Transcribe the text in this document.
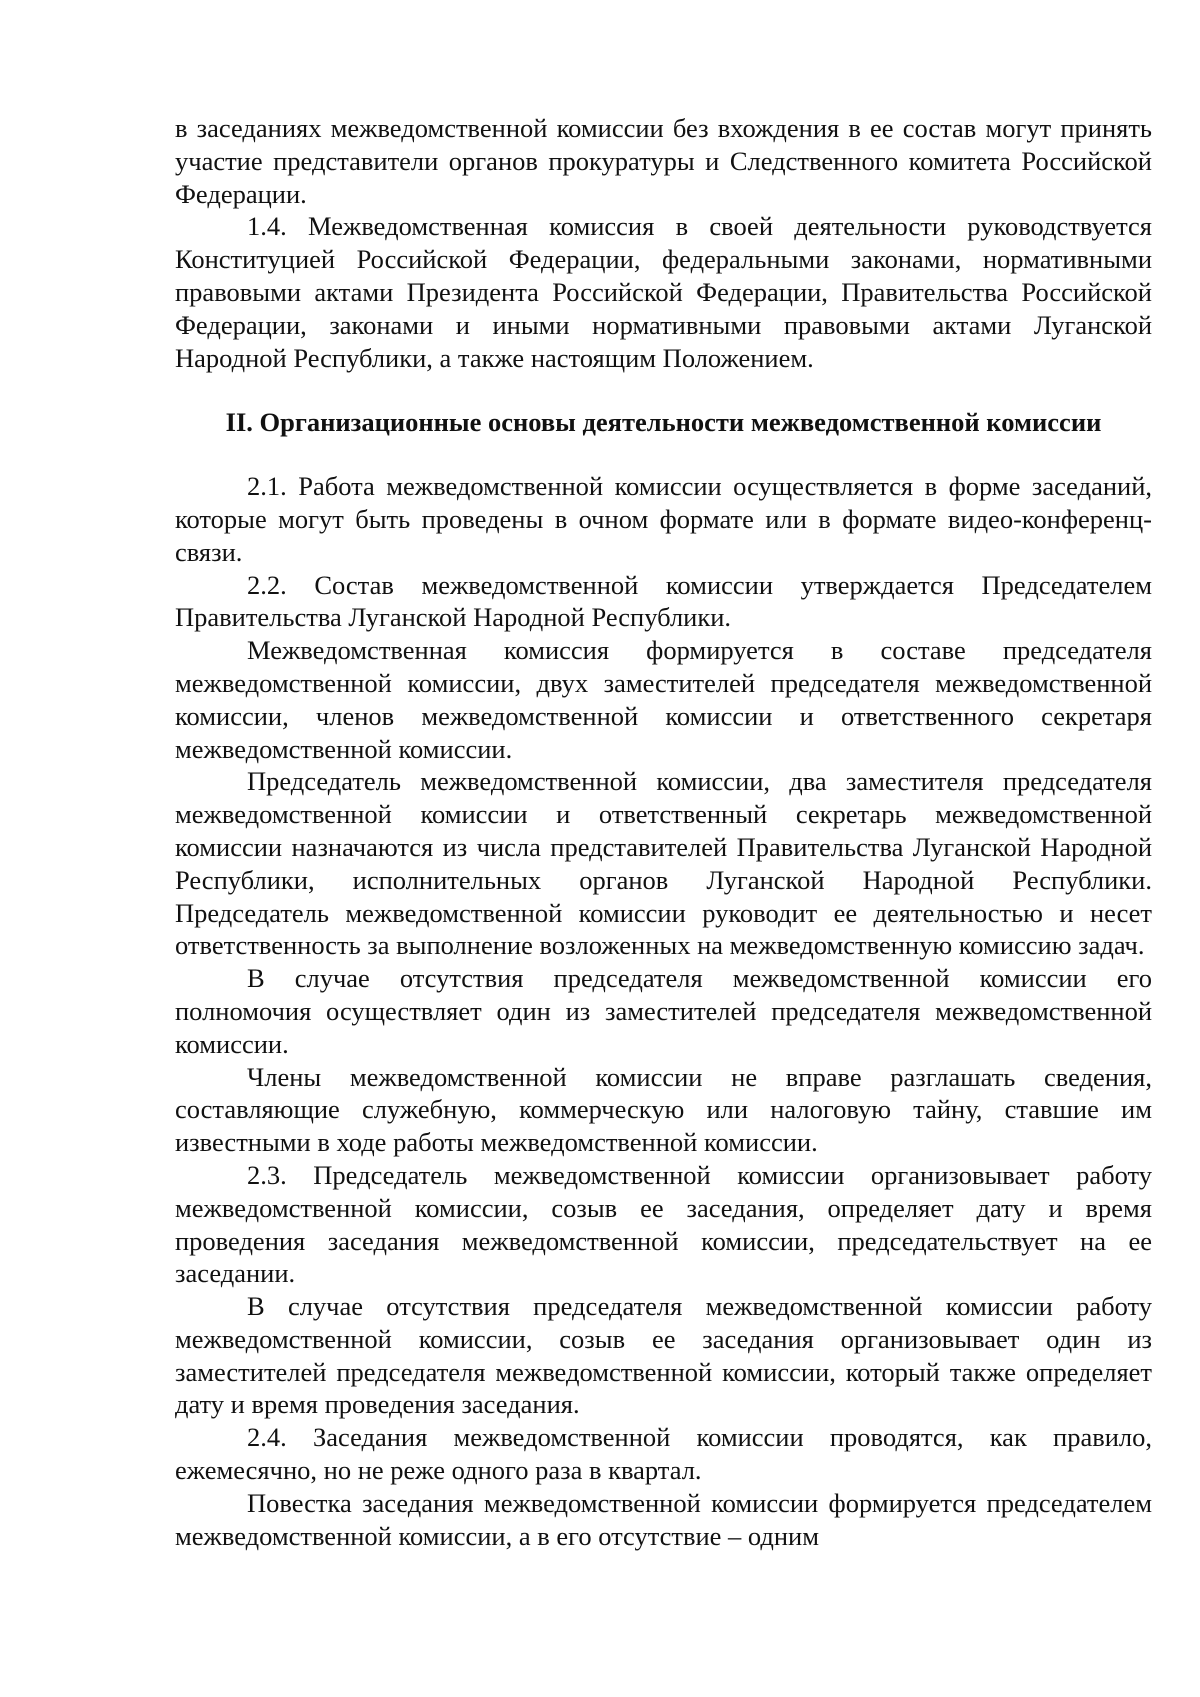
в заседаниях межведомственной комиссии без вхождения в ее состав могут принять участие представители органов прокуратуры и Следственного комитета Российской Федерации.

1.4. Межведомственная комиссия в своей деятельности руководствуется Конституцией Российской Федерации, федеральными законами, нормативными правовыми актами Президента Российской Федерации, Правительства Российской Федерации, законами и иными нормативными правовыми актами Луганской Народной Республики, а также настоящим Положением.

II. Организационные основы деятельности межведомственной комиссии

2.1. Работа межведомственной комиссии осуществляется в форме заседаний, которые могут быть проведены в очном формате или в формате видео-конференц-связи.

2.2. Состав межведомственной комиссии утверждается Председателем Правительства Луганской Народной Республики.

Межведомственная комиссия формируется в составе председателя межведомственной комиссии, двух заместителей председателя межведомственной комиссии, членов межведомственной комиссии и ответственного секретаря межведомственной комиссии.

Председатель межведомственной комиссии, два заместителя председателя межведомственной комиссии и ответственный секретарь межведомственной комиссии назначаются из числа представителей Правительства Луганской Народной Республики, исполнительных органов Луганской Народной Республики. Председатель межведомственной комиссии руководит ее деятельностью и несет ответственность за выполнение возложенных на межведомственную комиссию задач.

В случае отсутствия председателя межведомственной комиссии его полномочия осуществляет один из заместителей председателя межведомственной комиссии.

Члены межведомственной комиссии не вправе разглашать сведения, составляющие служебную, коммерческую или налоговую тайну, ставшие им известными в ходе работы межведомственной комиссии.

2.3. Председатель межведомственной комиссии организовывает работу межведомственной комиссии, созыв ее заседания, определяет дату и время проведения заседания межведомственной комиссии, председательствует на ее заседании.

В случае отсутствия председателя межведомственной комиссии работу межведомственной комиссии, созыв ее заседания организовывает один из заместителей председателя межведомственной комиссии, который также определяет дату и время проведения заседания.

2.4. Заседания межведомственной комиссии проводятся, как правило, ежемесячно, но не реже одного раза в квартал.

Повестка заседания межведомственной комиссии формируется председателем межведомственной комиссии, а в его отсутствие – одним
